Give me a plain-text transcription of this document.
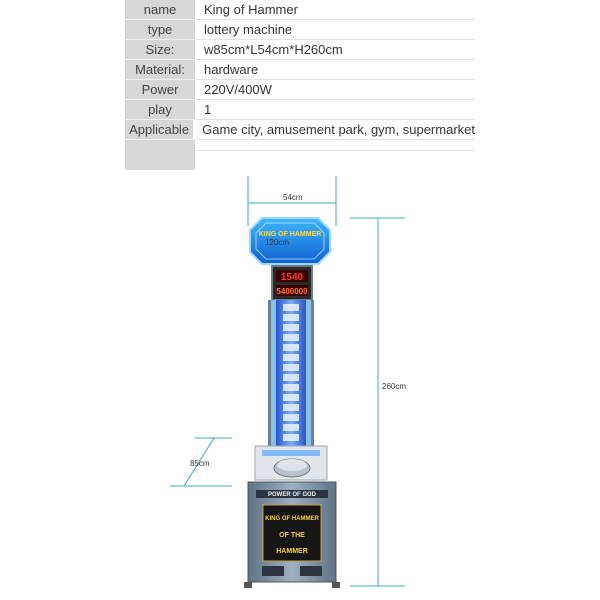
name	King of Hammer
type	lottery machine
Size:	w85cm*L54cm*H260cm
Material:	hardware
Power	220V/400W
play	1
Applicable	Game city, amusement park, gym, supermarket
54cm
260cm
85cm
KING OF HAMMER
120cm
1540
5400000
POWER OF GOD
KING OF HAMMER
OF THE
HAMMER
